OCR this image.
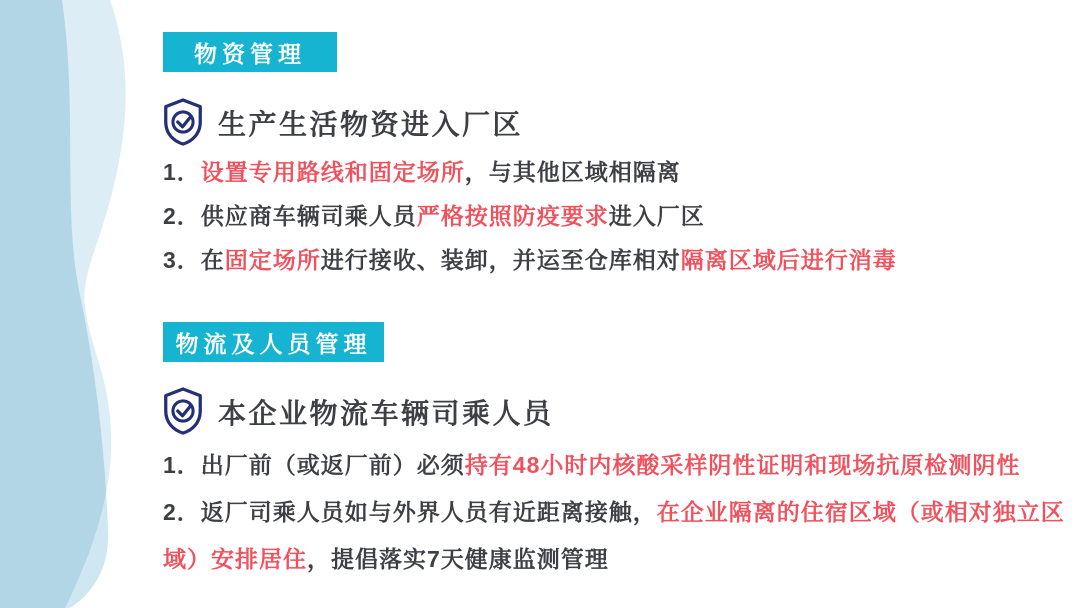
物资管理
生产生活物资进入厂区

1．设置专用路线和固定场所，与其他区域相隔离

2．供应商车辆司乘人员严格按照防疫要求进入厂区

3．在固定场所进行接收、装卸，并运至仓库相对隔离区域后进行消毒

物流及人员管理
本企业物流车辆司乘人员

1．出厂前（或返厂前）必须持有48小时内核酸采样阴性证明和现场抗原检测阴性

2．返厂司乘人员如与外界人员有近距离接触，在企业隔离的住宿区域（或相对独立区域）安排居住，提倡落实7天健康监测管理
